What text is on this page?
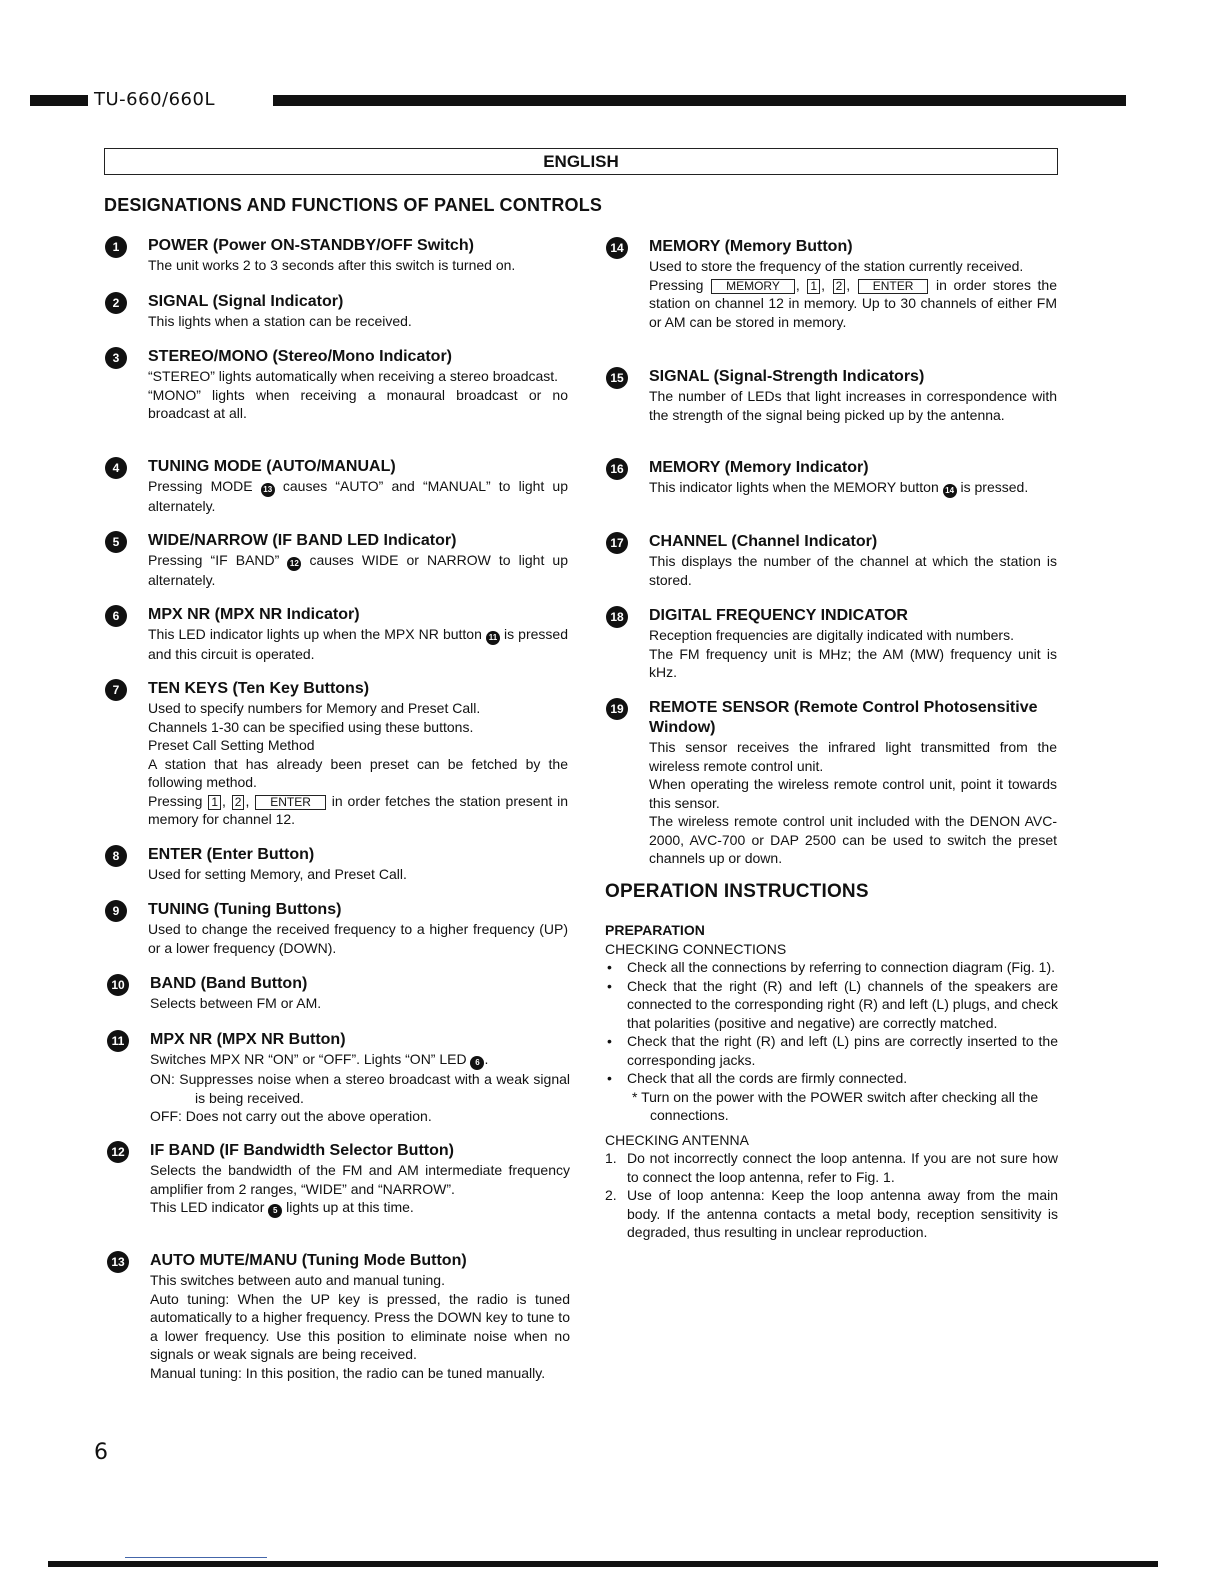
TU-660/660L
ENGLISH
DESIGNATIONS AND FUNCTIONS OF PANEL CONTROLS
1	POWER (Power ON-STANDBY/OFF Switch)

The unit works 2 to 3 seconds after this switch is turned on.

2	SIGNAL (Signal Indicator)

This lights when a station can be received.

3	STEREO/MONO (Stereo/Mono Indicator)

“STEREO” lights automatically when receiving a stereo broadcast.

“MONO” lights when receiving a monaural broadcast or no broadcast at all.

4	TUNING MODE (AUTO/MANUAL)

Pressing MODE 13 causes “AUTO” and “MANUAL” to light up alternately.

5	WIDE/NARROW (IF BAND LED Indicator)

Pressing “IF BAND” 12 causes WIDE or NARROW to light up alternately.

6	MPX NR (MPX NR Indicator)

This LED indicator lights up when the MPX NR button 11 is pressed and this circuit is operated.

7	TEN KEYS (Ten Key Buttons)

Used to specify numbers for Memory and Preset Call.

Channels 1-30 can be specified using these buttons.

Preset Call Setting Method

A station that has already been preset can be fetched by the following method.

Pressing 1 , 2 , ENTER in order fetches the station present in memory for channel 12.

8	ENTER (Enter Button)

Used for setting Memory, and Preset Call.

9	TUNING (Tuning Buttons)

Used to change the received frequency to a higher frequency (UP) or a lower frequency (DOWN).

10 BAND (Band Button)

Selects between FM or AM.

11 MPX NR (MPX NR Button)

Switches MPX NR “ON” or “OFF”. Lights “ON” LED 6 .

ON: Suppresses noise when a stereo broadcast with a weak signal is being received.

OFF: Does not carry out the above operation.

12 IF BAND (IF Bandwidth Selector Button)

Selects the bandwidth of the FM and AM intermediate frequency amplifier from 2 ranges, “WIDE” and “NARROW”.

This LED indicator 5 lights up at this time.

13 AUTO MUTE/MANU (Tuning Mode Button)

This switches between auto and manual tuning.

Auto tuning: When the UP key is pressed, the radio is tuned automatically to a higher frequency. Press the DOWN key to tune to a lower frequency. Use this position to eliminate noise when no signals or weak signals are being received.

Manual tuning: In this position, the radio can be tuned manually.

14 MEMORY (Memory Button)

Used to store the frequency of the station currently received.

Pressing MEMORY , 1 , 2 , ENTER in order stores the station on channel 12 in memory. Up to 30 channels of either FM or AM can be stored in memory.

15 SIGNAL (Signal-Strength Indicators)

The number of LEDs that light increases in correspondence with the strength of the signal being picked up by the antenna.

16 MEMORY (Memory Indicator)

This indicator lights when the MEMORY button 14 is pressed.

17 CHANNEL (Channel Indicator)

This displays the number of the channel at which the station is stored.

18 DIGITAL FREQUENCY INDICATOR

Reception frequencies are digitally indicated with numbers.

The FM frequency unit is MHz; the AM (MW) frequency unit is kHz.

19 REMOTE SENSOR (Remote Control Photosensitive Window)

This sensor receives the infrared light transmitted from the wireless remote control unit.

When operating the wireless remote control unit, point it towards this sensor.

The wireless remote control unit included with the DENON AVC-2000, AVC-700 or DAP 2500 can be used to switch the preset channels up or down.

OPERATION INSTRUCTIONS
PREPARATION
CHECKING CONNECTIONS
• Check all the connections by referring to connection diagram (Fig. 1).
• Check that the right (R) and left (L) channels of the speakers are connected to the corresponding right (R) and left (L) plugs, and check that polarities (positive and negative) are correctly matched.
• Check that the right (R) and left (L) pins are correctly inserted to the corresponding jacks.
• Check that all the cords are firmly connected.
* Turn on the power with the POWER switch after checking all the connections.
CHECKING ANTENNA
1. Do not incorrectly connect the loop antenna. If you are not sure how to connect the loop antenna, refer to Fig. 1.
2. Use of loop antenna: Keep the loop antenna away from the main body. If the antenna contacts a metal body, reception sensitivity is degraded, thus resulting in unclear reproduction.
6
